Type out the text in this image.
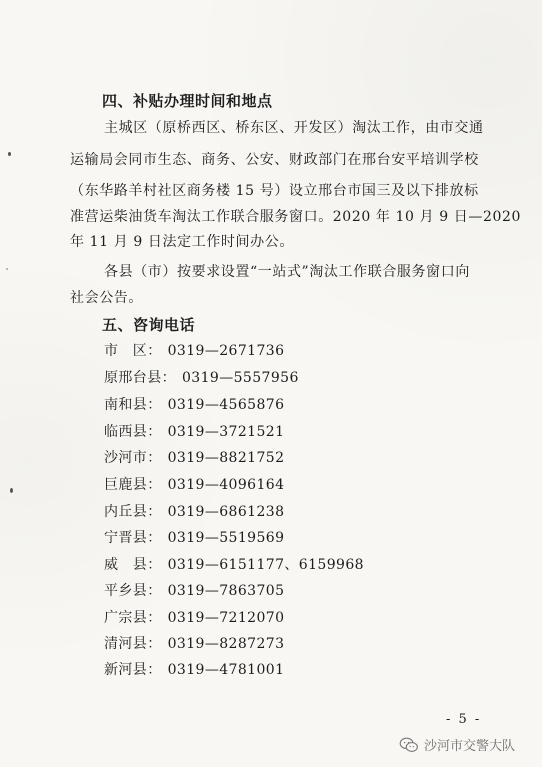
四、补贴办理时间和地点
主城区（原桥西区、桥东区、开发区）淘汰工作，由市交通
运输局会同市生态、商务、公安、财政部门在邢台安平培训学校
（东华路羊村社区商务楼 15 号）设立邢台市国三及以下排放标
准营运柴油货车淘汰工作联合服务窗口。2020 年 10 月 9 日—2020
年 11 月 9 日法定工作时间办公。
各县（市）按要求设置“一站式”淘汰工作联合服务窗口向
社会公告。
五、咨询电话
市　区： 0319—2671736
原邢台县： 0319—5557956
南和县： 0319—4565876
临西县： 0319—3721521
沙河市： 0319—8821752
巨鹿县： 0319—4096164
内丘县： 0319—6861238
宁晋县： 0319—5519569
威　县： 0319—6151177、6159968
平乡县： 0319—7863705
广宗县： 0319—7212070
清河县： 0319—8287273
新河县： 0319—4781001
- 5 -
沙河市交警大队
